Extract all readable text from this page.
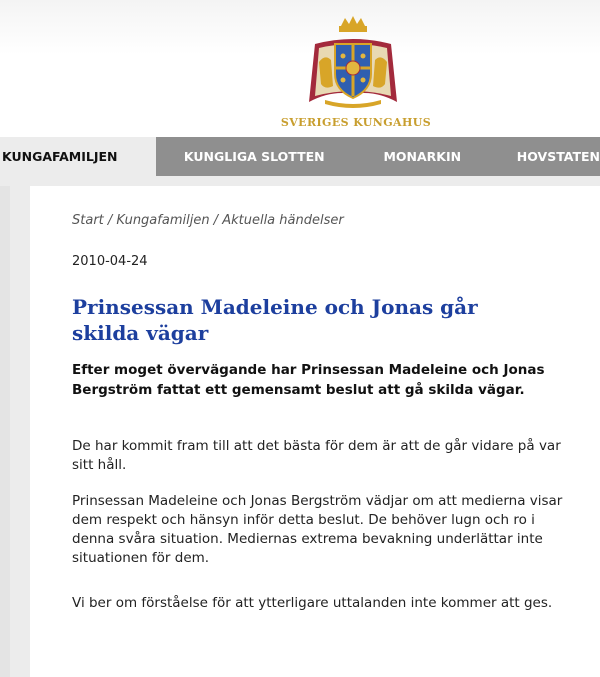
SVERIGES KUNGAHUS
KUNGAFAMILJEN	KUNGLIGA SLOTTEN	MONARKIN	HOVSTATEN
Start / Kungafamiljen / Aktuella händelser
2010-04-24
Prinsessan Madeleine och Jonas går skilda vägar

Efter moget övervägande har Prinsessan Madeleine och Jonas Bergström fattat ett gemensamt beslut att gå skilda vägar.

De har kommit fram till att det bästa för dem är att de går vidare på var sitt håll.

Prinsessan Madeleine och Jonas Bergström vädjar om att medierna visar dem respekt och hänsyn inför detta beslut. De behöver lugn och ro i denna svåra situation. Mediernas extrema bevakning underlättar inte situationen för dem.

Vi ber om förståelse för att ytterligare uttalanden inte kommer att ges.
